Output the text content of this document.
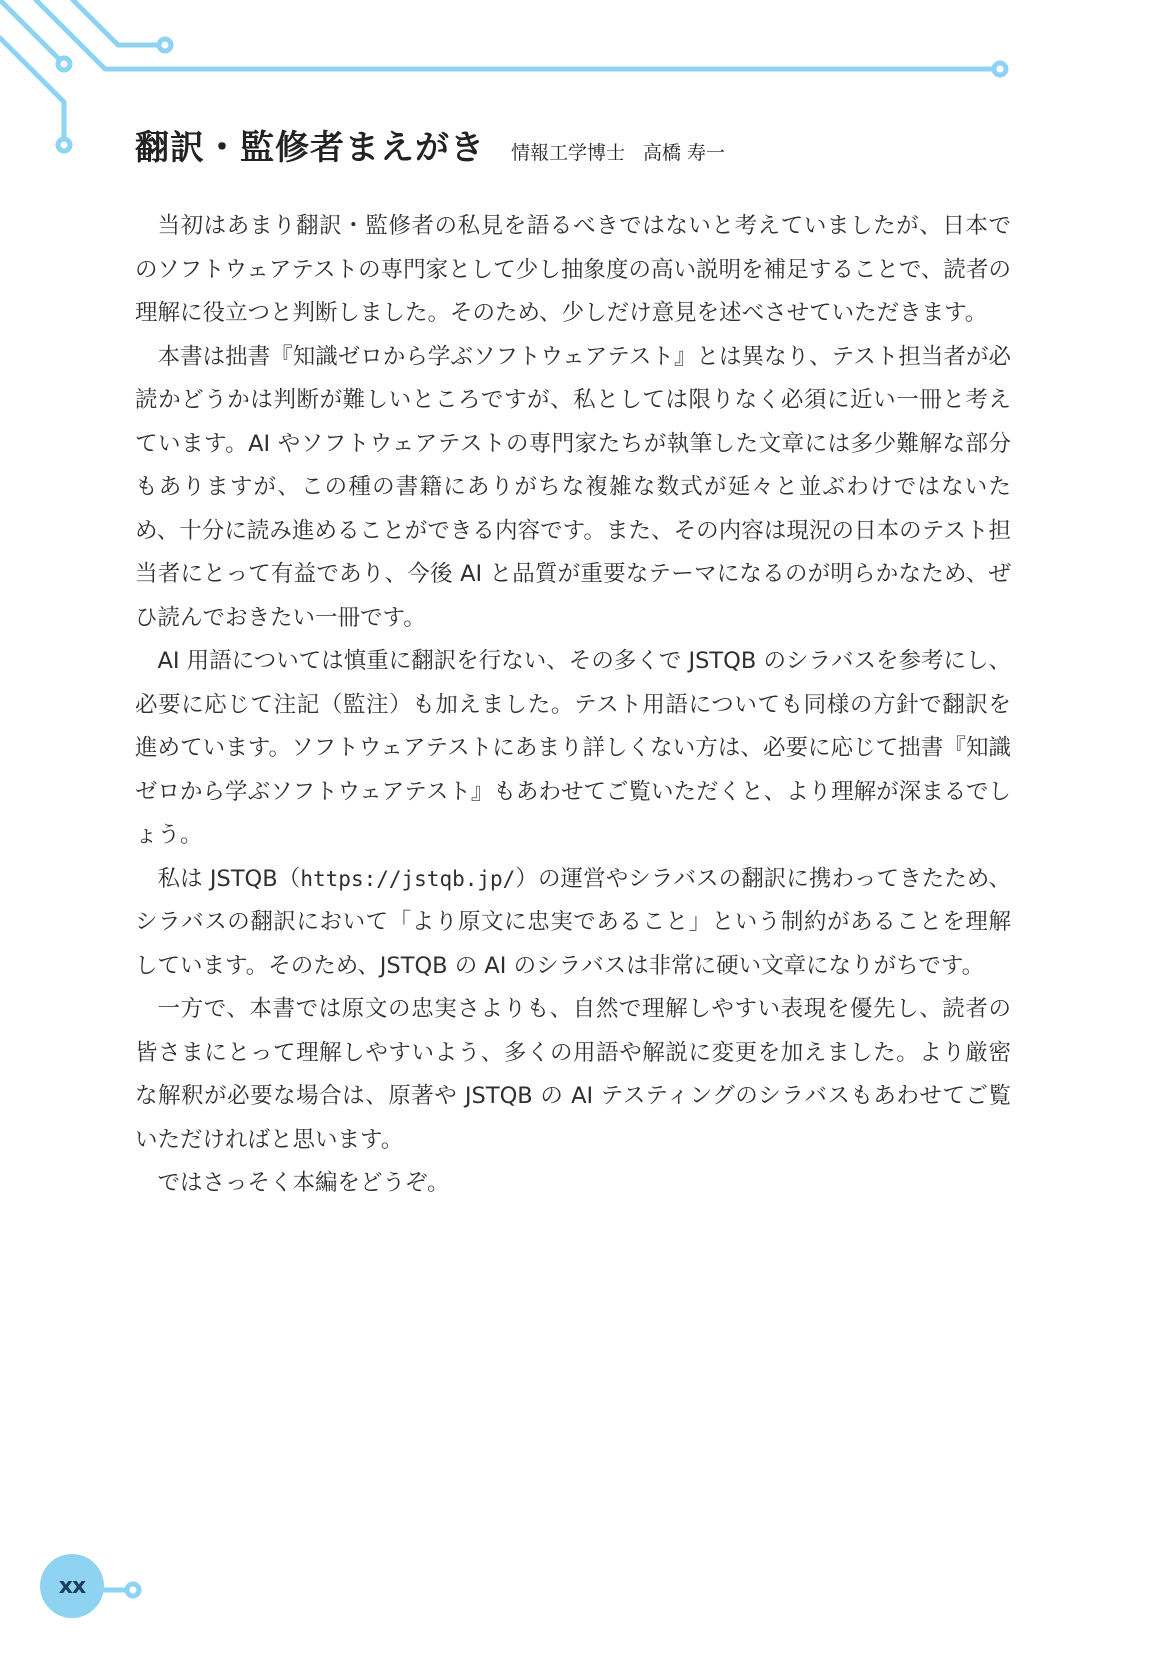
翻訳・監修者まえがき 情報工学博士 高橋 寿一

当初はあまり翻訳・監修者の私見を語るべきではないと考えていましたが、日本でのソフトウェアテストの専門家として少し抽象度の高い説明を補足することで、読者の理解に役立つと判断しました。そのため、少しだけ意見を述べさせていただきます。

本書は拙書『知識ゼロから学ぶソフトウェアテスト』とは異なり、テスト担当者が必読かどうかは判断が難しいところですが、私としては限りなく必須に近い一冊と考えています。AI やソフトウェアテストの専門家たちが執筆した文章には多少難解な部分もありますが、この種の書籍にありがちな複雑な数式が延々と並ぶわけではないため、十分に読み進めることができる内容です。また、その内容は現況の日本のテスト担当者にとって有益であり、今後 AI と品質が重要なテーマになるのが明らかなため、ぜひ読んでおきたい一冊です。

AI 用語については慎重に翻訳を行ない、その多くで JSTQB のシラバスを参考にし、必要に応じて注記（監注）も加えました。テスト用語についても同様の方針で翻訳を進めています。ソフトウェアテストにあまり詳しくない方は、必要に応じて拙書『知識ゼロから学ぶソフトウェアテスト』もあわせてご覧いただくと、より理解が深まるでしょう。

私は JSTQB（https://jstqb.jp/）の運営やシラバスの翻訳に携わってきたため、シラバスの翻訳において「より原文に忠実であること」という制約があることを理解しています。そのため、JSTQB の AI のシラバスは非常に硬い文章になりがちです。

一方で、本書では原文の忠実さよりも、自然で理解しやすい表現を優先し、読者の皆さまにとって理解しやすいよう、多くの用語や解説に変更を加えました。より厳密な解釈が必要な場合は、原著や JSTQB の AI テスティングのシラバスもあわせてご覧いただければと思います。

ではさっそく本編をどうぞ。

xx
